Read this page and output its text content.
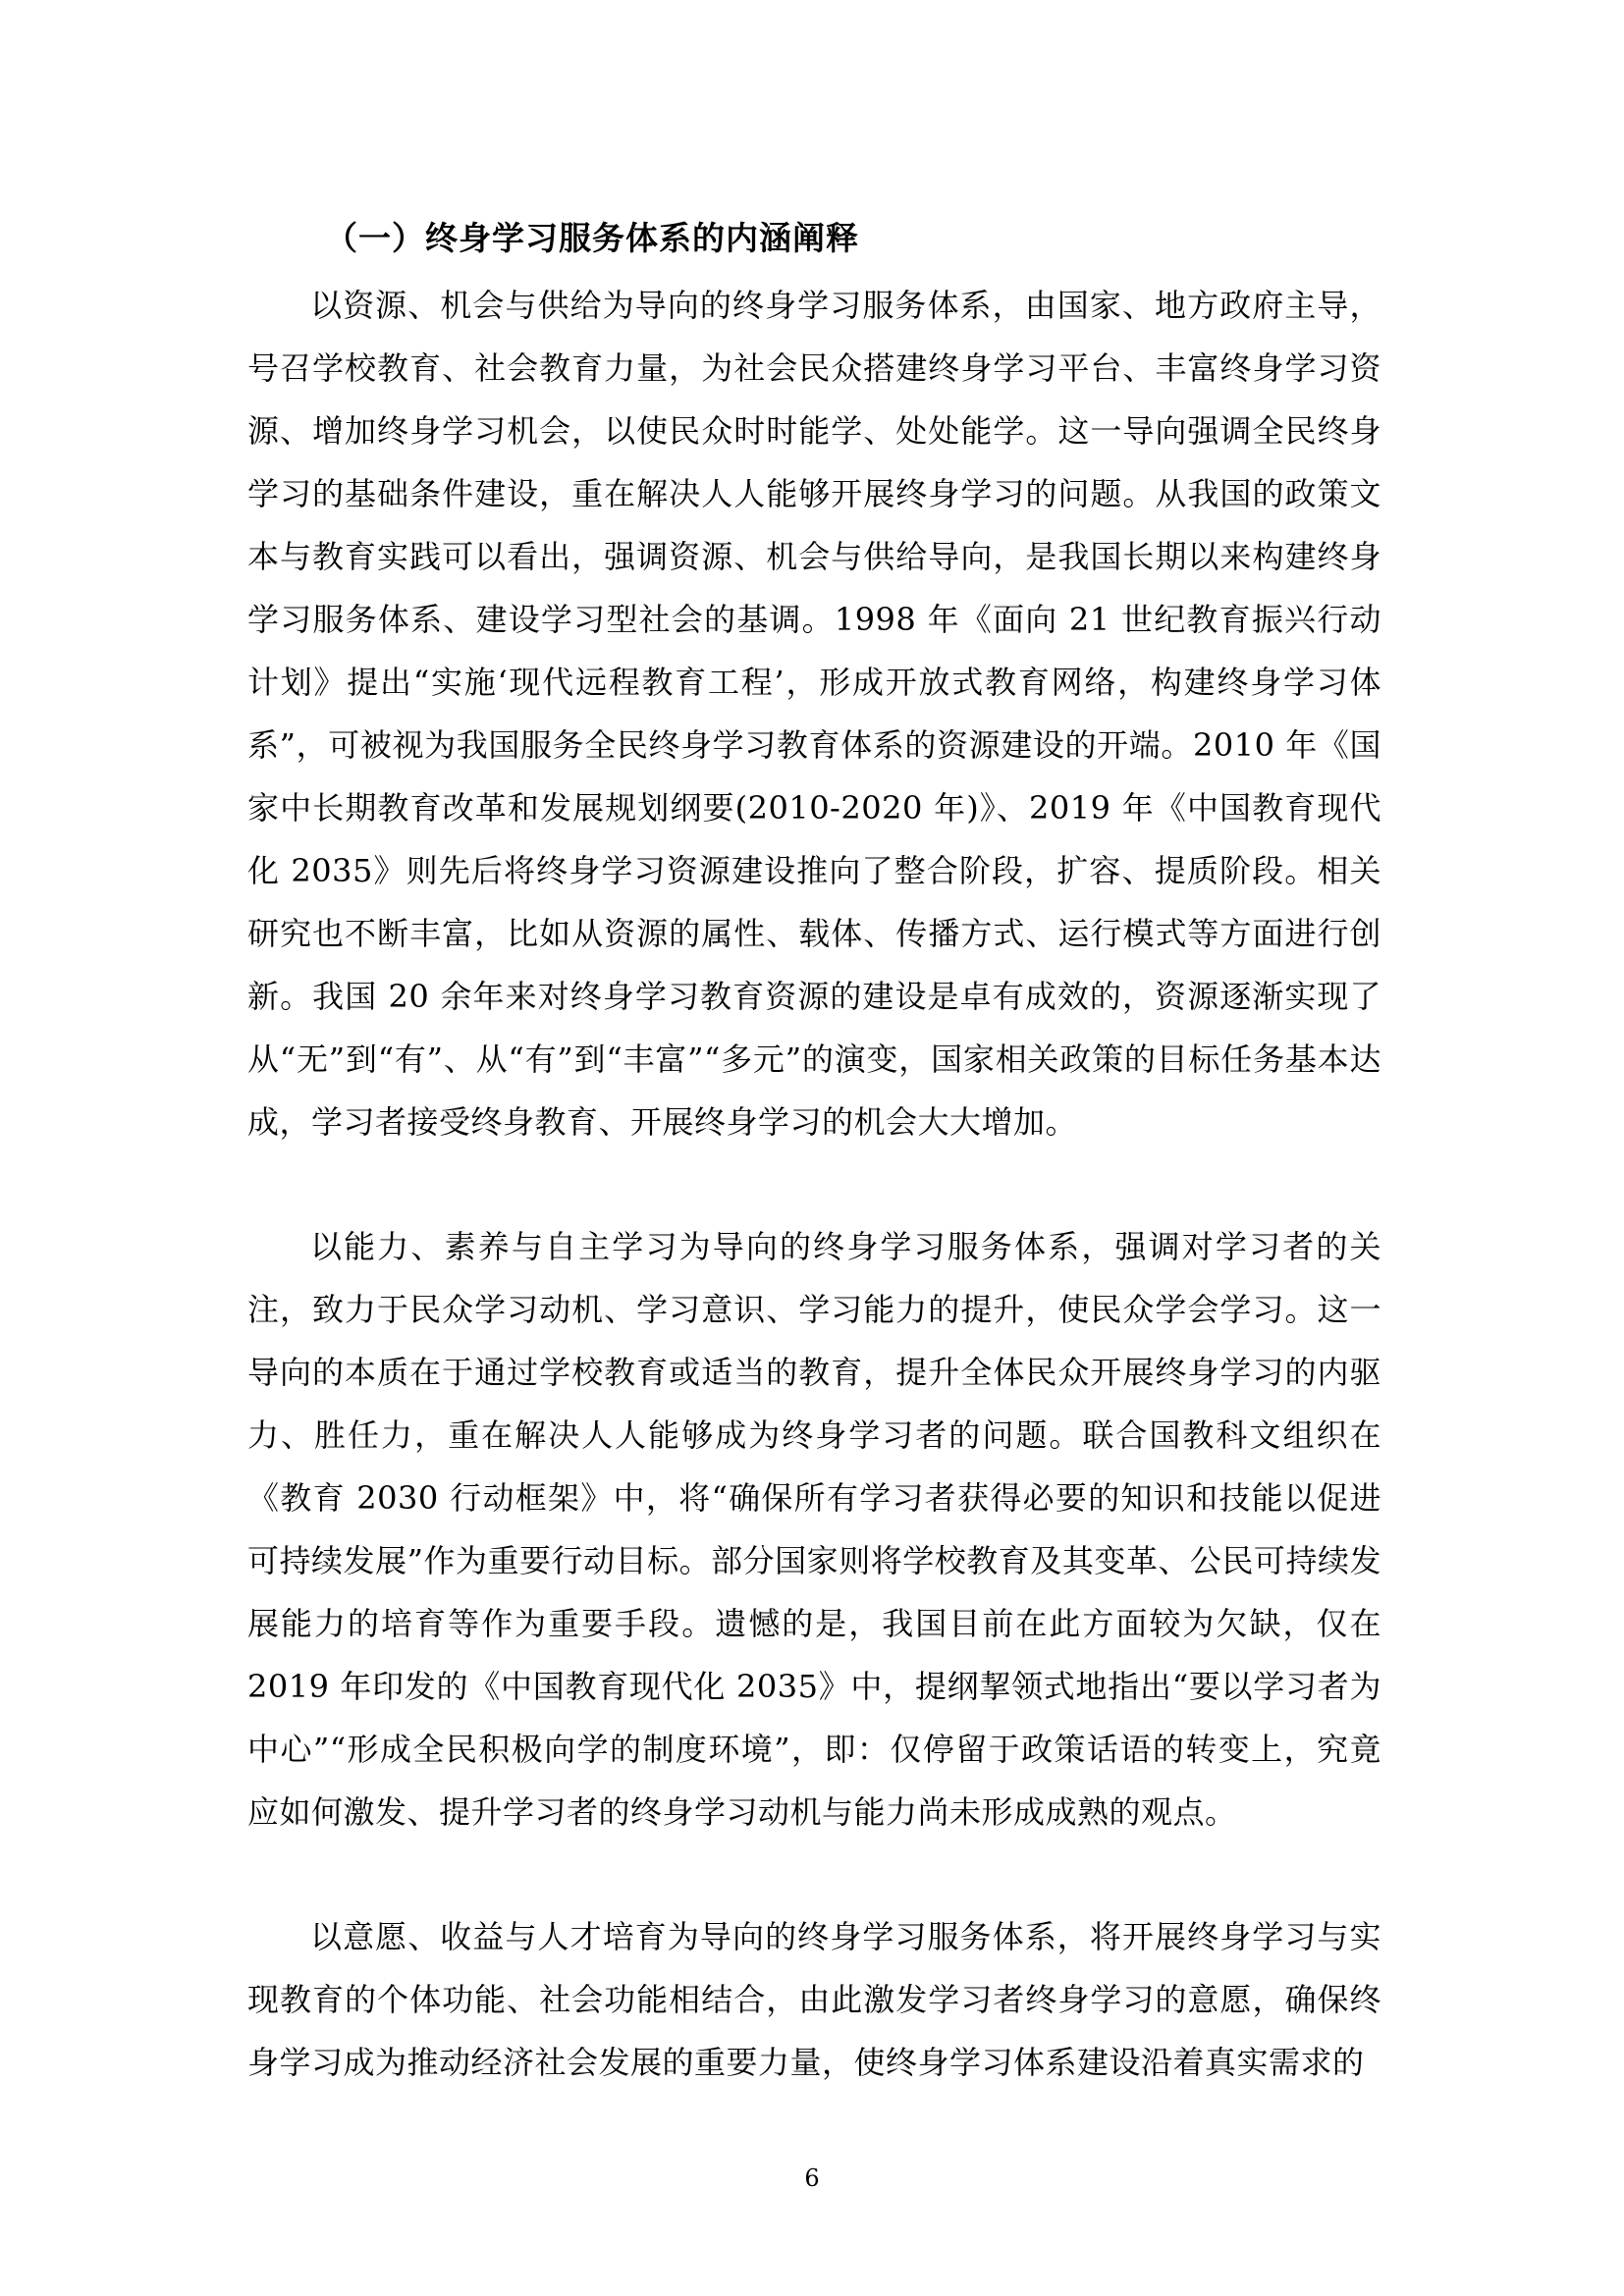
（一）终身学习服务体系的内涵阐释

以资源、机会与供给为导向的终身学习服务体系，由国家、地方政府主导，号召学校教育、社会教育力量，为社会民众搭建终身学习平台、丰富终身学习资源、增加终身学习机会，以使民众时时能学、处处能学。这一导向强调全民终身学习的基础条件建设，重在解决人人能够开展终身学习的问题。从我国的政策文本与教育实践可以看出，强调资源、机会与供给导向，是我国长期以来构建终身学习服务体系、建设学习型社会的基调。1998 年《面向 21 世纪教育振兴行动计划》提出“实施‘现代远程教育工程’，形成开放式教育网络，构建终身学习体系”，可被视为我国服务全民终身学习教育体系的资源建设的开端。2010 年《国家中长期教育改革和发展规划纲要(2010-2020 年)》、2019 年《中国教育现代化 2035》则先后将终身学习资源建设推向了整合阶段，扩容、提质阶段。相关研究也不断丰富，比如从资源的属性、载体、传播方式、运行模式等方面进行创新。我国 20 余年来对终身学习教育资源的建设是卓有成效的，资源逐渐实现了从“无”到“有”、从“有”到“丰富”“多元”的演变，国家相关政策的目标任务基本达成，学习者接受终身教育、开展终身学习的机会大大增加。

以能力、素养与自主学习为导向的终身学习服务体系，强调对学习者的关注，致力于民众学习动机、学习意识、学习能力的提升，使民众学会学习。这一导向的本质在于通过学校教育或适当的教育，提升全体民众开展终身学习的内驱力、胜任力，重在解决人人能够成为终身学习者的问题。联合国教科文组织在《教育 2030 行动框架》中，将“确保所有学习者获得必要的知识和技能以促进可持续发展”作为重要行动目标。部分国家则将学校教育及其变革、公民可持续发展能力的培育等作为重要手段。遗憾的是，我国目前在此方面较为欠缺，仅在 2019 年印发的《中国教育现代化 2035》中，提纲挈领式地指出“要以学习者为中心”“形成全民积极向学的制度环境”，即：仅停留于政策话语的转变上，究竟应如何激发、提升学习者的终身学习动机与能力尚未形成成熟的观点。

以意愿、收益与人才培育为导向的终身学习服务体系，将开展终身学习与实现教育的个体功能、社会功能相结合，由此激发学习者终身学习的意愿，确保终身学习成为推动经济社会发展的重要力量，使终身学习体系建设沿着真实需求的

6
